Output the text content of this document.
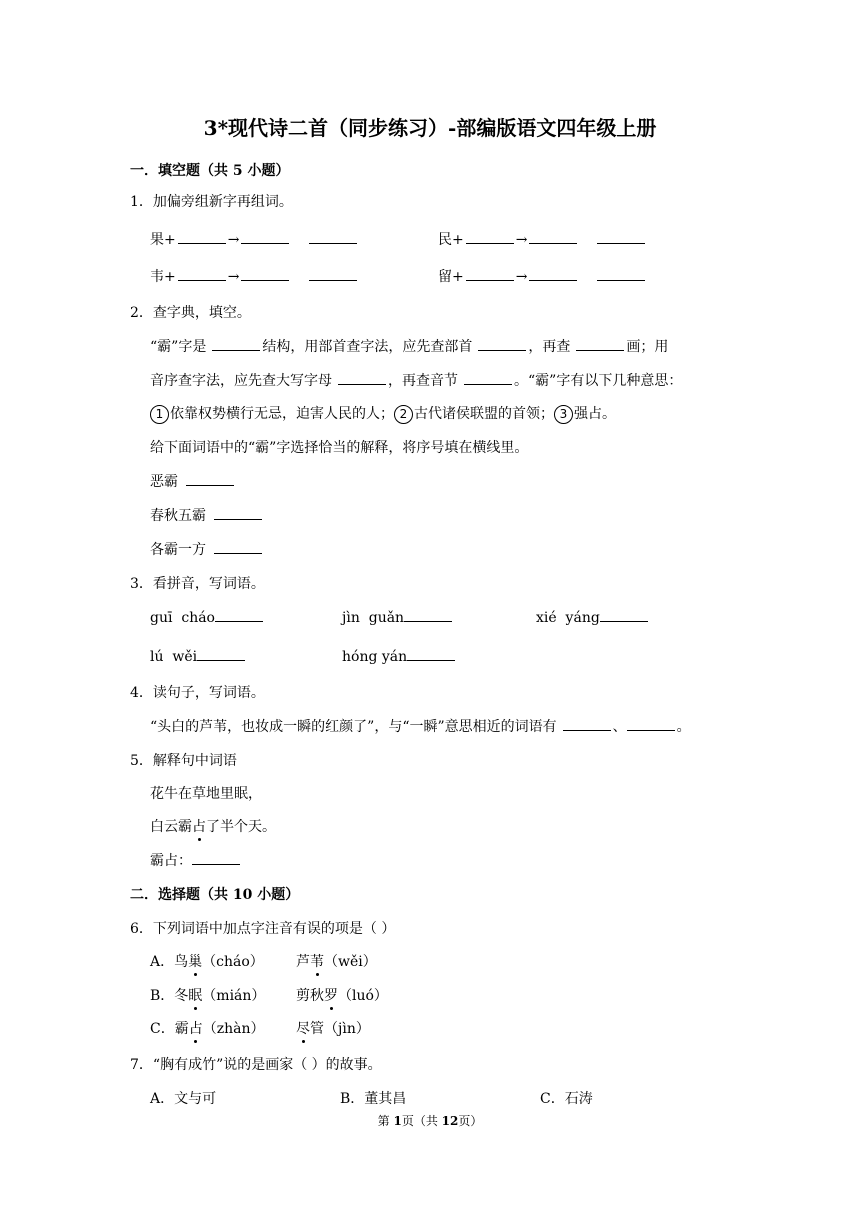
3*现代诗二首（同步练习）-部编版语文四年级上册
一．填空题（共 5 小题）
1．加偏旁组新字再组词。
果+	→	民+	→
韦+	→	留+	→
2．查字典，填空。
“霸”字是	结构，用部首查字法，应先查部首	，再查	画；用
音序查字法，应先查大写字母	，再查音节	。“霸”字有以下几种意思：
1 依靠权势横行无忌，迫害人民的人； 2 古代诸侯联盟的首领； 3 强占。
给下面词语中的“霸”字选择恰当的解释，将序号填在横线里。
恶霸
春秋五霸
各霸一方
3．看拼音，写词语。
guī  cháo	jìn  guǎn	xié  yáng
lú  wěi	hóng yán
4．读句子，写词语。
“头白的芦苇，也妆成一瞬的红颜了”，与“一瞬”意思相近的词语有	、	。
5．解释句中词语
花牛在草地里眠，
白云霸占了半个天。
霸占：
二．选择题（共 10 小题）
6．下列词语中加点字注音有误的项是（ ）
A．鸟巢（cháo） 芦苇（wěi）
B．冬眠（mián） 剪秋罗（luó）
C．霸占（zhàn） 尽管（jìn）
7．“胸有成竹”说的是画家（ ）的故事。
A．文与可	B．董其昌	C．石涛
第 1页（共 12页）
